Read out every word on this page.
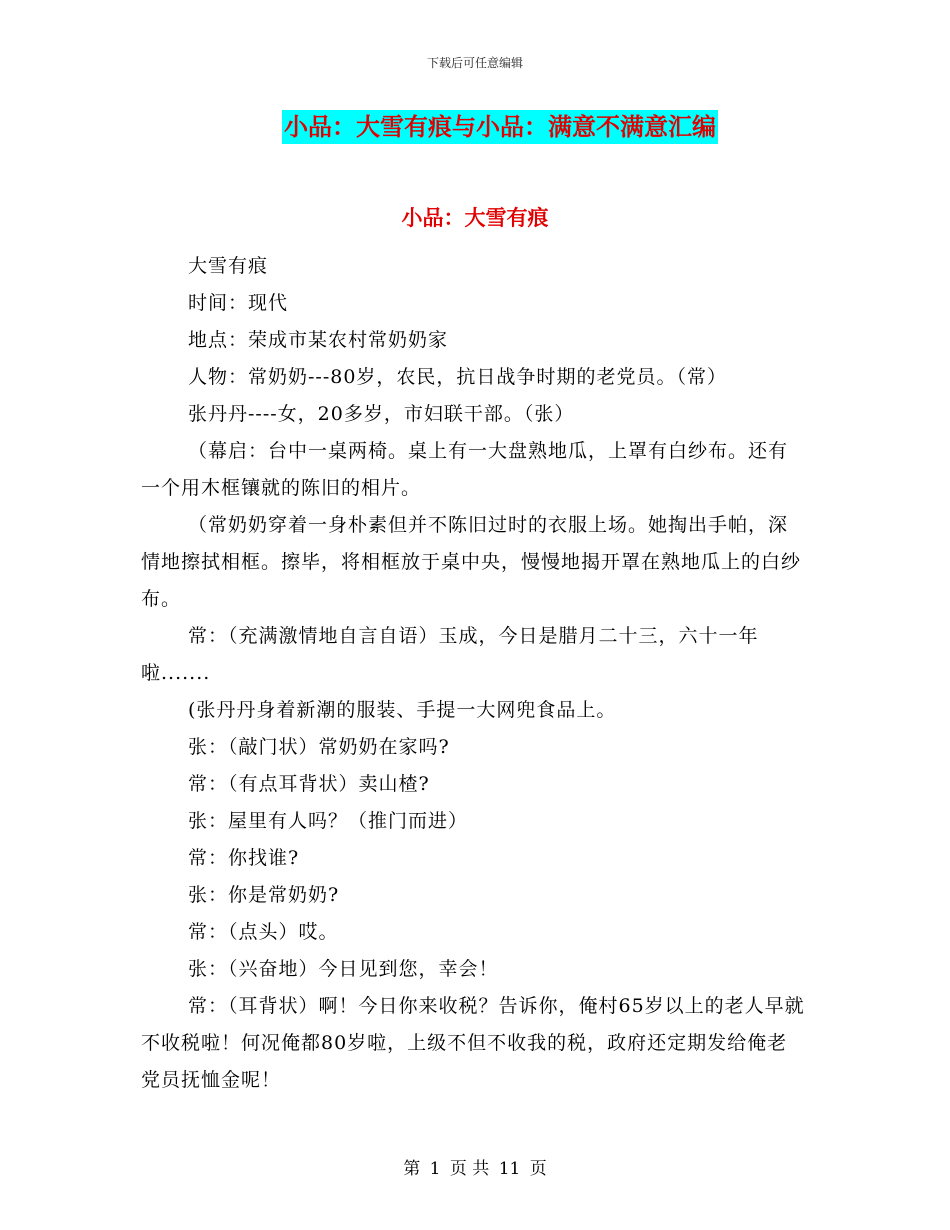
下载后可任意编辑
小品：大雪有痕与小品：满意不满意汇编
小品：大雪有痕

大雪有痕

时间：现代

地点：荣成市某农村常奶奶家

人物：常奶奶---80岁，农民，抗日战争时期的老党员。（常）

张丹丹----女，20多岁，市妇联干部。（张）

（幕启：台中一桌两椅。桌上有一大盘熟地瓜，上罩有白纱布。还有一个用木框镶就的陈旧的相片。

（常奶奶穿着一身朴素但并不陈旧过时的衣服上场。她掏出手帕，深情地擦拭相框。擦毕，将相框放于桌中央，慢慢地揭开罩在熟地瓜上的白纱布。

常：（充满激情地自言自语）玉成，今日是腊月二十三，六十一年啦.......

(张丹丹身着新潮的服装、手提一大网兜食品上。

张：（敲门状）常奶奶在家吗?

常：（有点耳背状）卖山楂?

张：屋里有人吗？（推门而进）

常：你找谁?

张：你是常奶奶?

常：（点头）哎。

张：（兴奋地）今日见到您，幸会！

常：（耳背状）啊！今日你来收税？告诉你，俺村65岁以上的老人早就不收税啦！何况俺都80岁啦，上级不但不收我的税，政府还定期发给俺老党员抚恤金呢！

第 1 页 共 11 页
